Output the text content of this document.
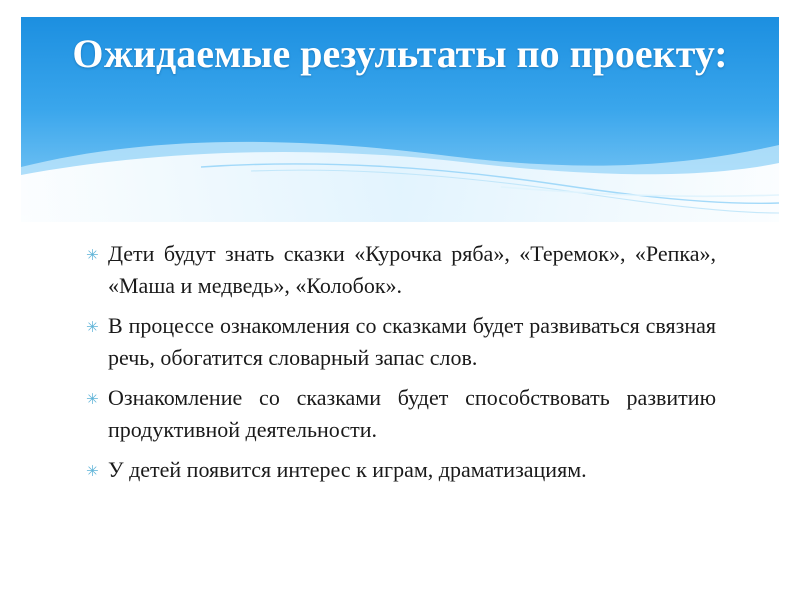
Ожидаемые результаты по проекту:
✳ Дети будут знать сказки «Курочка ряба», «Теремок», «Репка», «Маша и медведь», «Колобок».
✳ В процессе ознакомления со сказками будет развиваться связная речь, обогатится словарный запас слов.
✳ Ознакомление со сказками будет способствовать развитию продуктивной деятельности.
✳ У детей появится интерес к играм, драматизациям.
